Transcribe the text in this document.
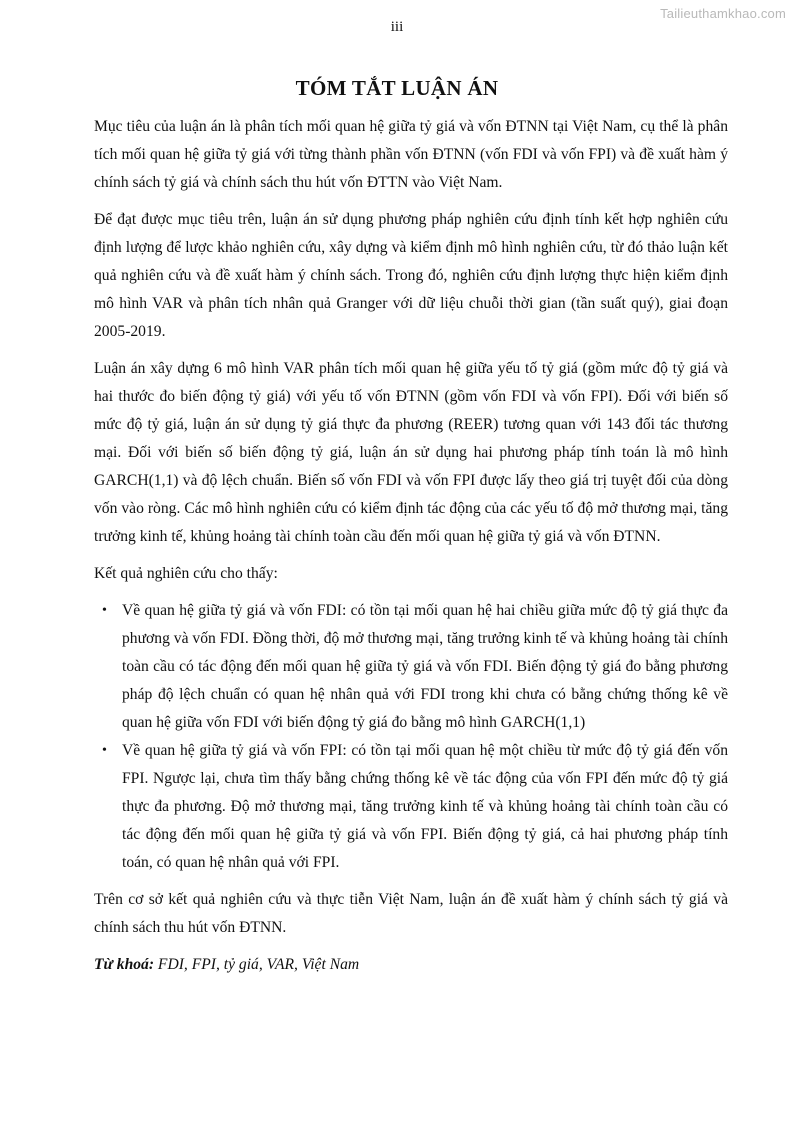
Tailieuthamkhao.com
iii
TÓM TẮT LUẬN ÁN

Mục tiêu của luận án là phân tích mối quan hệ giữa tỷ giá và vốn ĐTNN tại Việt Nam, cụ thể là phân tích mối quan hệ giữa tỷ giá với từng thành phần vốn ĐTNN (vốn FDI và vốn FPI) và đề xuất hàm ý chính sách tỷ giá và chính sách thu hút vốn ĐTTN vào Việt Nam.

Để đạt được mục tiêu trên, luận án sử dụng phương pháp nghiên cứu định tính kết hợp nghiên cứu định lượng để lược khảo nghiên cứu, xây dựng và kiểm định mô hình nghiên cứu, từ đó thảo luận kết quả nghiên cứu và đề xuất hàm ý chính sách. Trong đó, nghiên cứu định lượng thực hiện kiểm định mô hình VAR và phân tích nhân quả Granger với dữ liệu chuỗi thời gian (tần suất quý), giai đoạn 2005-2019.

Luận án xây dựng 6 mô hình VAR phân tích mối quan hệ giữa yếu tố tỷ giá (gồm mức độ tỷ giá và hai thước đo biến động tỷ giá) với yếu tố vốn ĐTNN (gồm vốn FDI và vốn FPI). Đối với biến số mức độ tỷ giá, luận án sử dụng tỷ giá thực đa phương (REER) tương quan với 143 đối tác thương mại. Đối với biến số biến động tỷ giá, luận án sử dụng hai phương pháp tính toán là mô hình GARCH(1,1) và độ lệch chuẩn. Biến số vốn FDI và vốn FPI được lấy theo giá trị tuyệt đối của dòng vốn vào ròng. Các mô hình nghiên cứu có kiểm định tác động của các yếu tố độ mở thương mại, tăng trưởng kinh tế, khủng hoảng tài chính toàn cầu đến mối quan hệ giữa tỷ giá và vốn ĐTNN.

Kết quả nghiên cứu cho thấy:

• Về quan hệ giữa tỷ giá và vốn FDI: có tồn tại mối quan hệ hai chiều giữa mức độ tỷ giá thực đa phương và vốn FDI. Đồng thời, độ mở thương mại, tăng trưởng kinh tế và khủng hoảng tài chính toàn cầu có tác động đến mối quan hệ giữa tỷ giá và vốn FDI. Biến động tỷ giá đo bằng phương pháp độ lệch chuẩn có quan hệ nhân quả với FDI trong khi chưa có bằng chứng thống kê về quan hệ giữa vốn FDI với biến động tỷ giá đo bằng mô hình GARCH(1,1)
• Về quan hệ giữa tỷ giá và vốn FPI: có tồn tại mối quan hệ một chiều từ mức độ tỷ giá đến vốn FPI. Ngược lại, chưa tìm thấy bằng chứng thống kê về tác động của vốn FPI đến mức độ tỷ giá thực đa phương. Độ mở thương mại, tăng trưởng kinh tế và khủng hoảng tài chính toàn cầu có tác động đến mối quan hệ giữa tỷ giá và vốn FPI. Biến động tỷ giá, cả hai phương pháp tính toán, có quan hệ nhân quả với FPI.

Trên cơ sở kết quả nghiên cứu và thực tiễn Việt Nam, luận án đề xuất hàm ý chính sách tỷ giá và chính sách thu hút vốn ĐTNN.

Từ khoá: FDI, FPI, tỷ giá, VAR, Việt Nam
